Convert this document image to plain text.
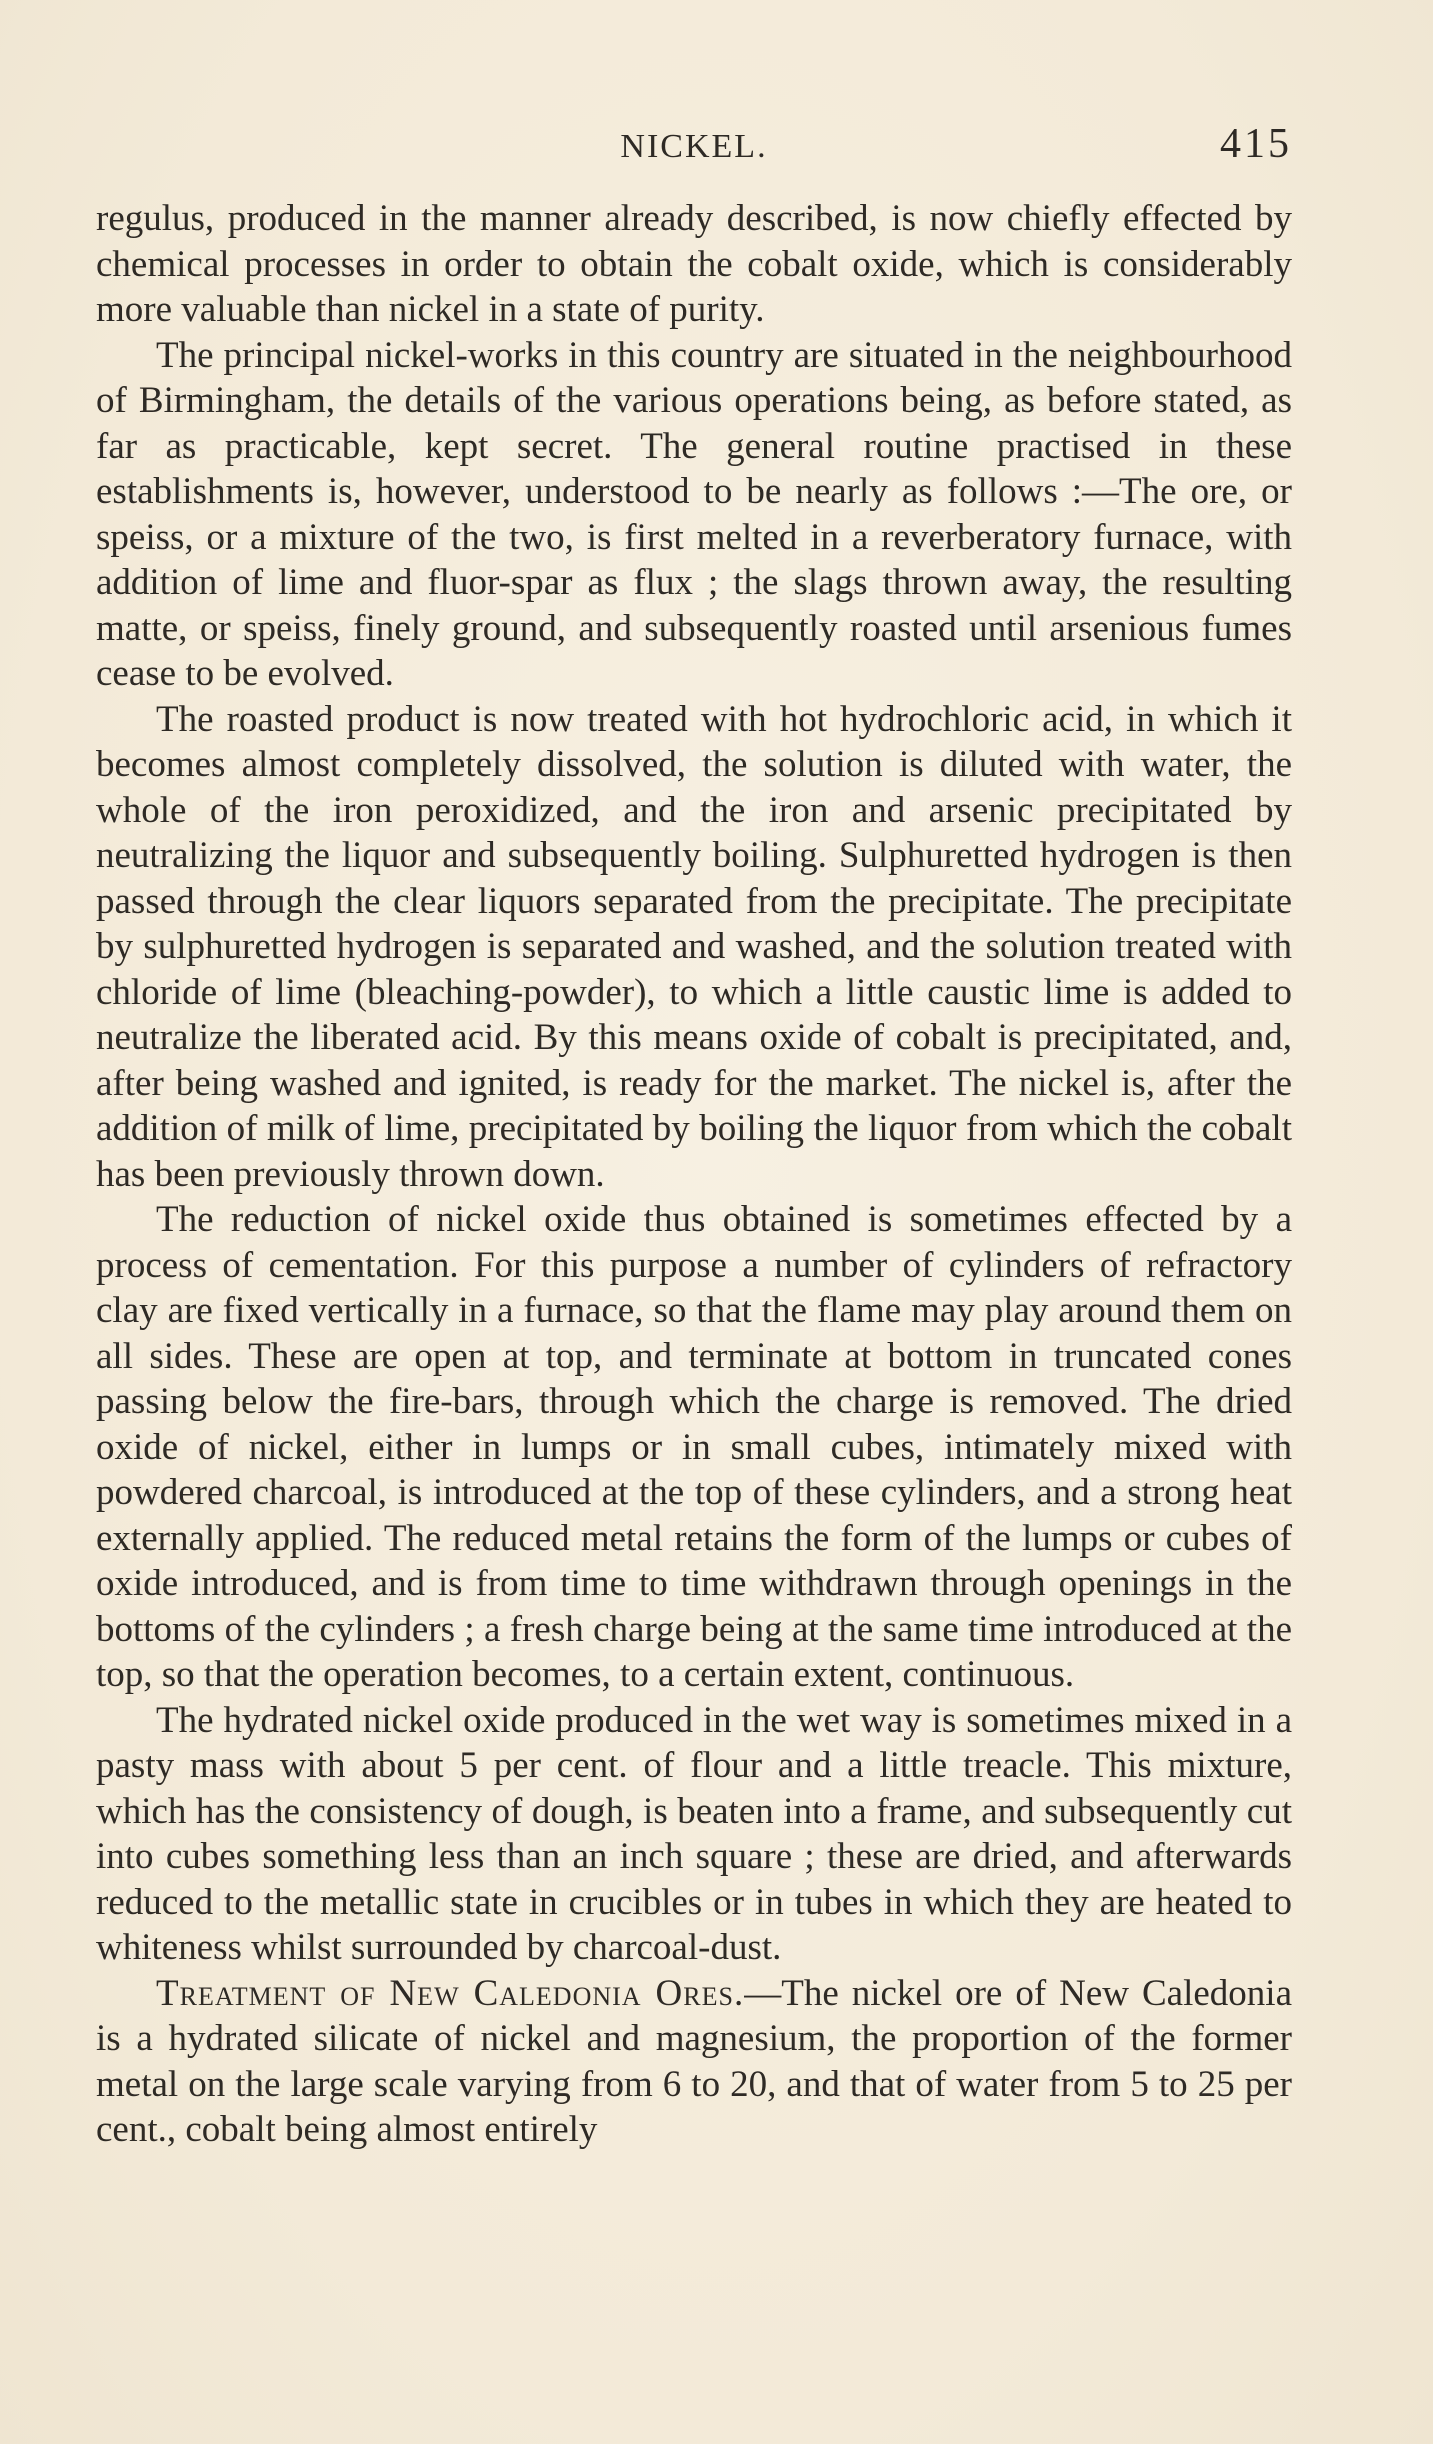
NICKEL.	415

regulus, produced in the manner already described, is now chiefly effected by chemical processes in order to obtain the cobalt oxide, which is considerably more valuable than nickel in a state of purity.

The principal nickel-works in this country are situated in the neighbourhood of Birmingham, the details of the various operations being, as before stated, as far as practicable, kept secret. The general routine practised in these establishments is, however, understood to be nearly as follows :—The ore, or speiss, or a mixture of the two, is first melted in a reverberatory furnace, with addition of lime and fluor-spar as flux ; the slags thrown away, the resulting matte, or speiss, finely ground, and subsequently roasted until arsenious fumes cease to be evolved.

The roasted product is now treated with hot hydrochloric acid, in which it becomes almost completely dissolved, the solution is diluted with water, the whole of the iron peroxidized, and the iron and arsenic precipitated by neutralizing the liquor and subsequently boiling. Sulphuretted hydrogen is then passed through the clear liquors separated from the precipitate. The precipitate by sulphuretted hydrogen is separated and washed, and the solution treated with chloride of lime (bleaching-powder), to which a little caustic lime is added to neutralize the liberated acid. By this means oxide of cobalt is precipitated, and, after being washed and ignited, is ready for the market. The nickel is, after the addition of milk of lime, precipitated by boiling the liquor from which the cobalt has been previously thrown down.

The reduction of nickel oxide thus obtained is sometimes effected by a process of cementation. For this purpose a number of cylinders of refractory clay are fixed vertically in a furnace, so that the flame may play around them on all sides. These are open at top, and terminate at bottom in truncated cones passing below the fire-bars, through which the charge is removed. The dried oxide of nickel, either in lumps or in small cubes, intimately mixed with powdered charcoal, is introduced at the top of these cylinders, and a strong heat externally applied. The reduced metal retains the form of the lumps or cubes of oxide introduced, and is from time to time withdrawn through openings in the bottoms of the cylinders ; a fresh charge being at the same time introduced at the top, so that the operation becomes, to a certain extent, continuous.

The hydrated nickel oxide produced in the wet way is sometimes mixed in a pasty mass with about 5 per cent. of flour and a little treacle. This mixture, which has the consistency of dough, is beaten into a frame, and subsequently cut into cubes something less than an inch square ; these are dried, and afterwards reduced to the metallic state in crucibles or in tubes in which they are heated to whiteness whilst surrounded by charcoal-dust.

Treatment of New Caledonia Ores.—The nickel ore of New Caledonia is a hydrated silicate of nickel and magnesium, the proportion of the former metal on the large scale varying from 6 to 20, and that of water from 5 to 25 per cent., cobalt being almost entirely
